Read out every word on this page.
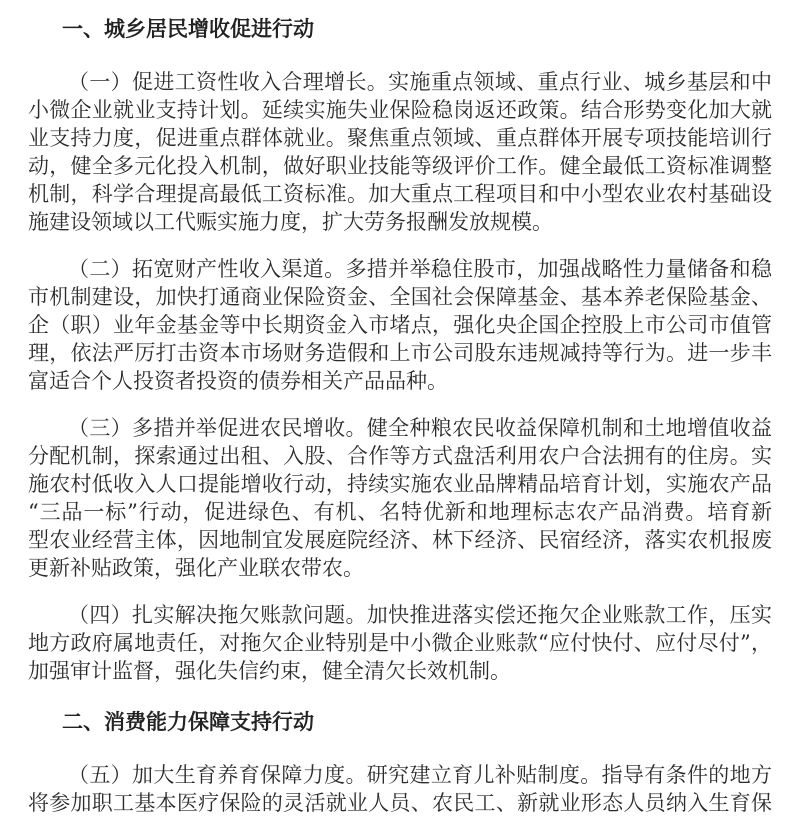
一、城乡居民增收促进行动
（一）促进工资性收入合理增长。实施重点领域、重点行业、城乡基层和中
小微企业就业支持计划。延续实施失业保险稳岗返还政策。结合形势变化加大就
业支持力度，促进重点群体就业。聚焦重点领域、重点群体开展专项技能培训行
动，健全多元化投入机制，做好职业技能等级评价工作。健全最低工资标准调整
机制，科学合理提高最低工资标准。加大重点工程项目和中小型农业农村基础设
施建设领域以工代赈实施力度，扩大劳务报酬发放规模。
（二）拓宽财产性收入渠道。多措并举稳住股市，加强战略性力量储备和稳
市机制建设，加快打通商业保险资金、全国社会保障基金、基本养老保险基金、
企（职）业年金基金等中长期资金入市堵点，强化央企国企控股上市公司市值管
理，依法严厉打击资本市场财务造假和上市公司股东违规减持等行为。进一步丰
富适合个人投资者投资的债券相关产品品种。
（三）多措并举促进农民增收。健全种粮农民收益保障机制和土地增值收益
分配机制，探索通过出租、入股、合作等方式盘活利用农户合法拥有的住房。实
施农村低收入人口提能增收行动，持续实施农业品牌精品培育计划，实施农产品
“三品一标”行动，促进绿色、有机、名特优新和地理标志农产品消费。培育新
型农业经营主体，因地制宜发展庭院经济、林下经济、民宿经济，落实农机报废
更新补贴政策，强化产业联农带农。
（四）扎实解决拖欠账款问题。加快推进落实偿还拖欠企业账款工作，压实
地方政府属地责任，对拖欠企业特别是中小微企业账款“应付快付、应付尽付”，
加强审计监督，强化失信约束，健全清欠长效机制。
二、消费能力保障支持行动
（五）加大生育养育保障力度。研究建立育儿补贴制度。指导有条件的地方
将参加职工基本医疗保险的灵活就业人员、农民工、新就业形态人员纳入生育保
